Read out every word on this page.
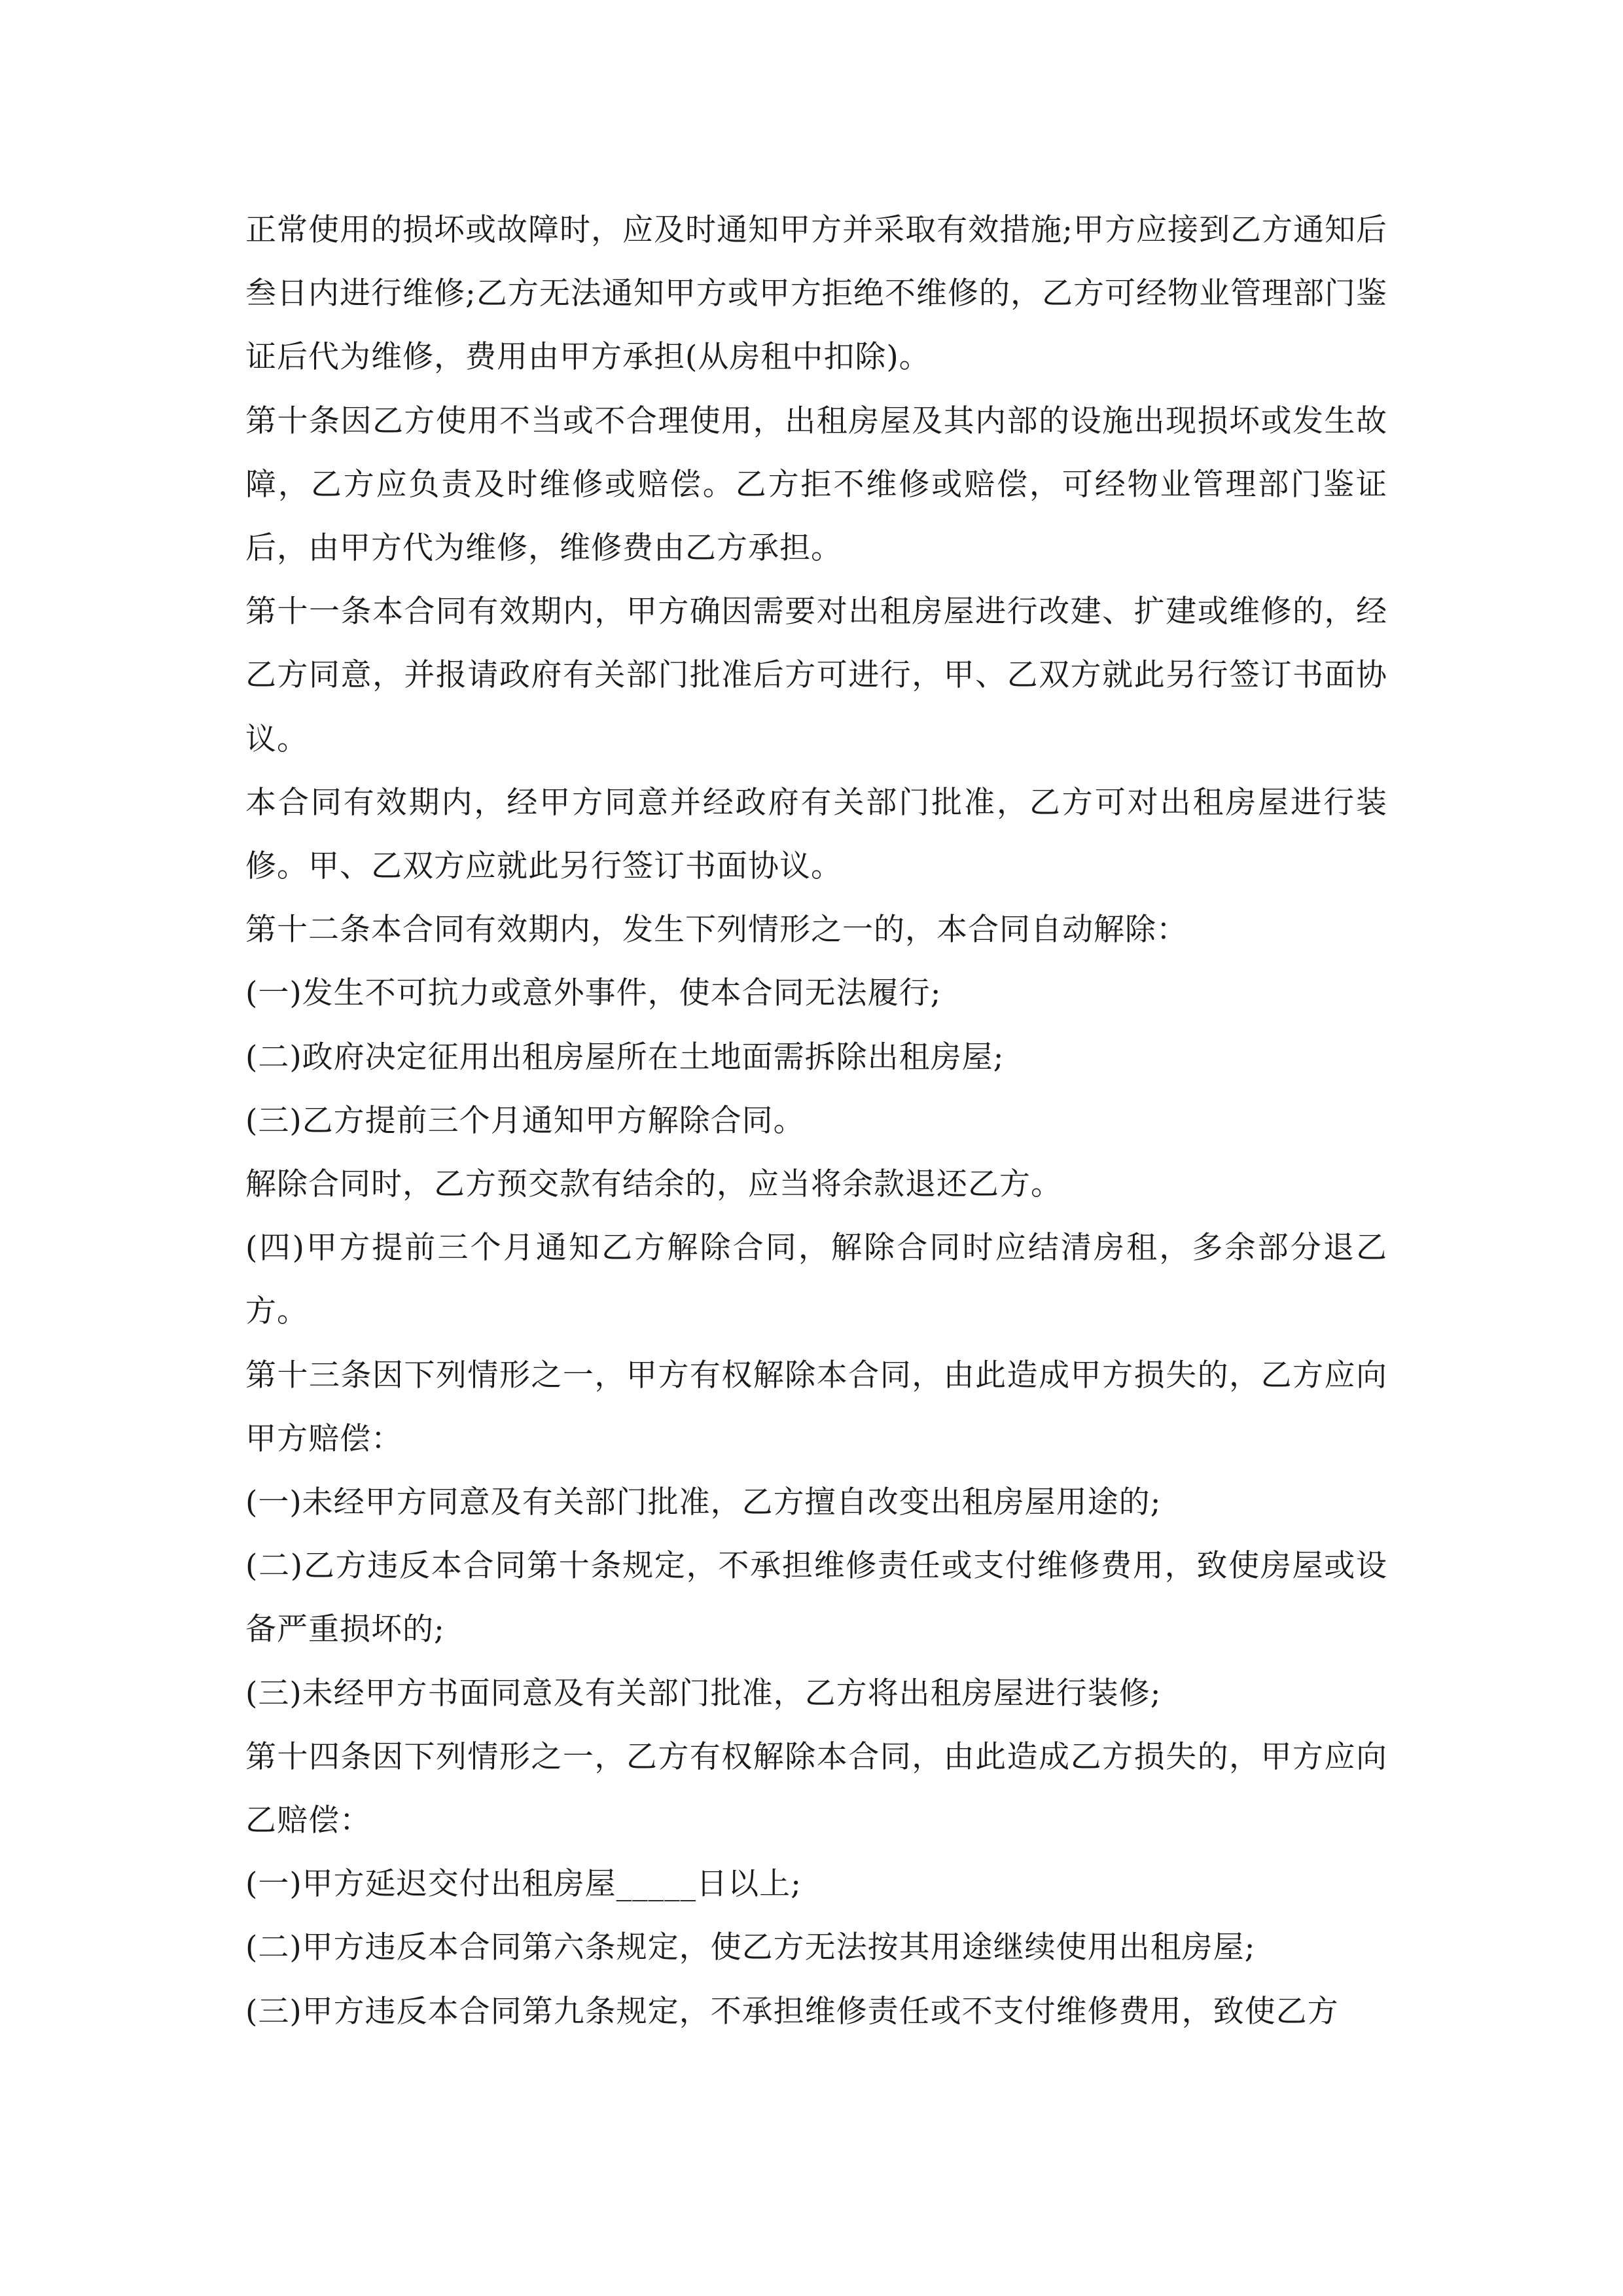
正常使用的损坏或故障时，应及时通知甲方并采取有效措施;甲方应接到乙方通知后叁日内进行维修;乙方无法通知甲方或甲方拒绝不维修的，乙方可经物业管理部门鉴证后代为维修，费用由甲方承担(从房租中扣除)。

第十条因乙方使用不当或不合理使用，出租房屋及其内部的设施出现损坏或发生故障，乙方应负责及时维修或赔偿。乙方拒不维修或赔偿，可经物业管理部门鉴证后，由甲方代为维修，维修费由乙方承担。

第十一条本合同有效期内，甲方确因需要对出租房屋进行改建、扩建或维修的，经乙方同意，并报请政府有关部门批准后方可进行，甲、乙双方就此另行签订书面协议。

本合同有效期内，经甲方同意并经政府有关部门批准，乙方可对出租房屋进行装修。甲、乙双方应就此另行签订书面协议。

第十二条本合同有效期内，发生下列情形之一的，本合同自动解除：

(一)发生不可抗力或意外事件，使本合同无法履行;

(二)政府决定征用出租房屋所在土地面需拆除出租房屋;

(三)乙方提前三个月通知甲方解除合同。

解除合同时，乙方预交款有结余的，应当将余款退还乙方。

(四)甲方提前三个月通知乙方解除合同，解除合同时应结清房租，多余部分退乙方。

第十三条因下列情形之一，甲方有权解除本合同，由此造成甲方损失的，乙方应向甲方赔偿：

(一)未经甲方同意及有关部门批准，乙方擅自改变出租房屋用途的;

(二)乙方违反本合同第十条规定，不承担维修责任或支付维修费用，致使房屋或设备严重损坏的;

(三)未经甲方书面同意及有关部门批准，乙方将出租房屋进行装修;

第十四条因下列情形之一，乙方有权解除本合同，由此造成乙方损失的，甲方应向乙赔偿：

(一)甲方延迟交付出租房屋_____日以上;

(二)甲方违反本合同第六条规定，使乙方无法按其用途继续使用出租房屋;

(三)甲方违反本合同第九条规定，不承担维修责任或不支付维修费用，致使乙方
